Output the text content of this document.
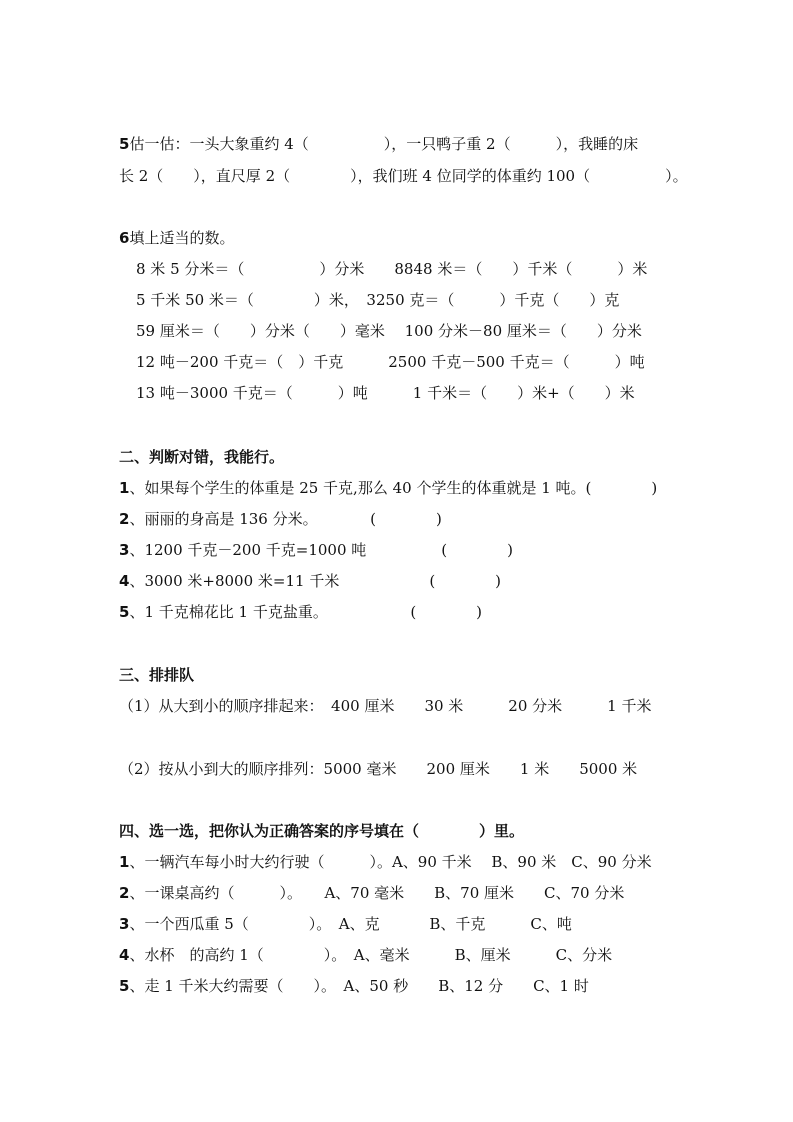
5估一估：一头大象重约 4（　　　　　），一只鸭子重 2（　　　），我睡的床
长 2（　　），直尺厚 2（　　　　），我们班 4 位同学的体重约 100（　　　　　）。
6填上适当的数。
8 米 5 分米＝（　　　　　）分米　　8848 米＝（　　）千米（　　　）米
5 千米 50 米＝（　　　　）米，　3250 克＝（　　　）千克（　　）克
59 厘米＝（　　）分米（　　）毫米　 100 分米－80 厘米＝（　　）分米
12 吨－200 千克＝（　）千克　　　2500 千克－500 千克＝（　　　）吨
13 吨－3000 千克＝（　　　）吨　　　1 千米＝（　　）米+（　　）米
二、判断对错，我能行。
1、如果每个学生的体重是 25 千克,那么 40 个学生的体重就是 1 吨。(　　　　)
2、丽丽的身高是 136 分米。　　　　(　　　　)
3、1200 千克－200 千克=1000 吨　　　　　(　　　　)
4、3000 米+8000 米=11 千米　　　　　　(　　　　)
5、1 千克棉花比 1 千克盐重。　　　　　　(　　　　)
三、排排队
（1）从大到小的顺序排起来：　400 厘米　　30 米　　　20 分米　　　1 千米
（2）按从小到大的顺序排列：5000 毫米　　200 厘米　　1 米　　5000 米
四、选一选，把你认为正确答案的序号填在（　　　　）里。
1、一辆汽车每小时大约行驶（　　　）。A、90 千米　 B、90 米　C、90 分米
2、一课桌高约（　　　）。　　A、70 毫米　　B、70 厘米　　C、70 分米
3、一个西瓜重 5（　　　　）。　A、克　　　 B、千克　　　C、吨
4、水杯　的高约 1（　　　　）。　A、毫米　　　B、厘米　　　C、分米
5、走 1 千米大约需要（　　）。　A、50 秒　　B、12 分　　C、1 时
